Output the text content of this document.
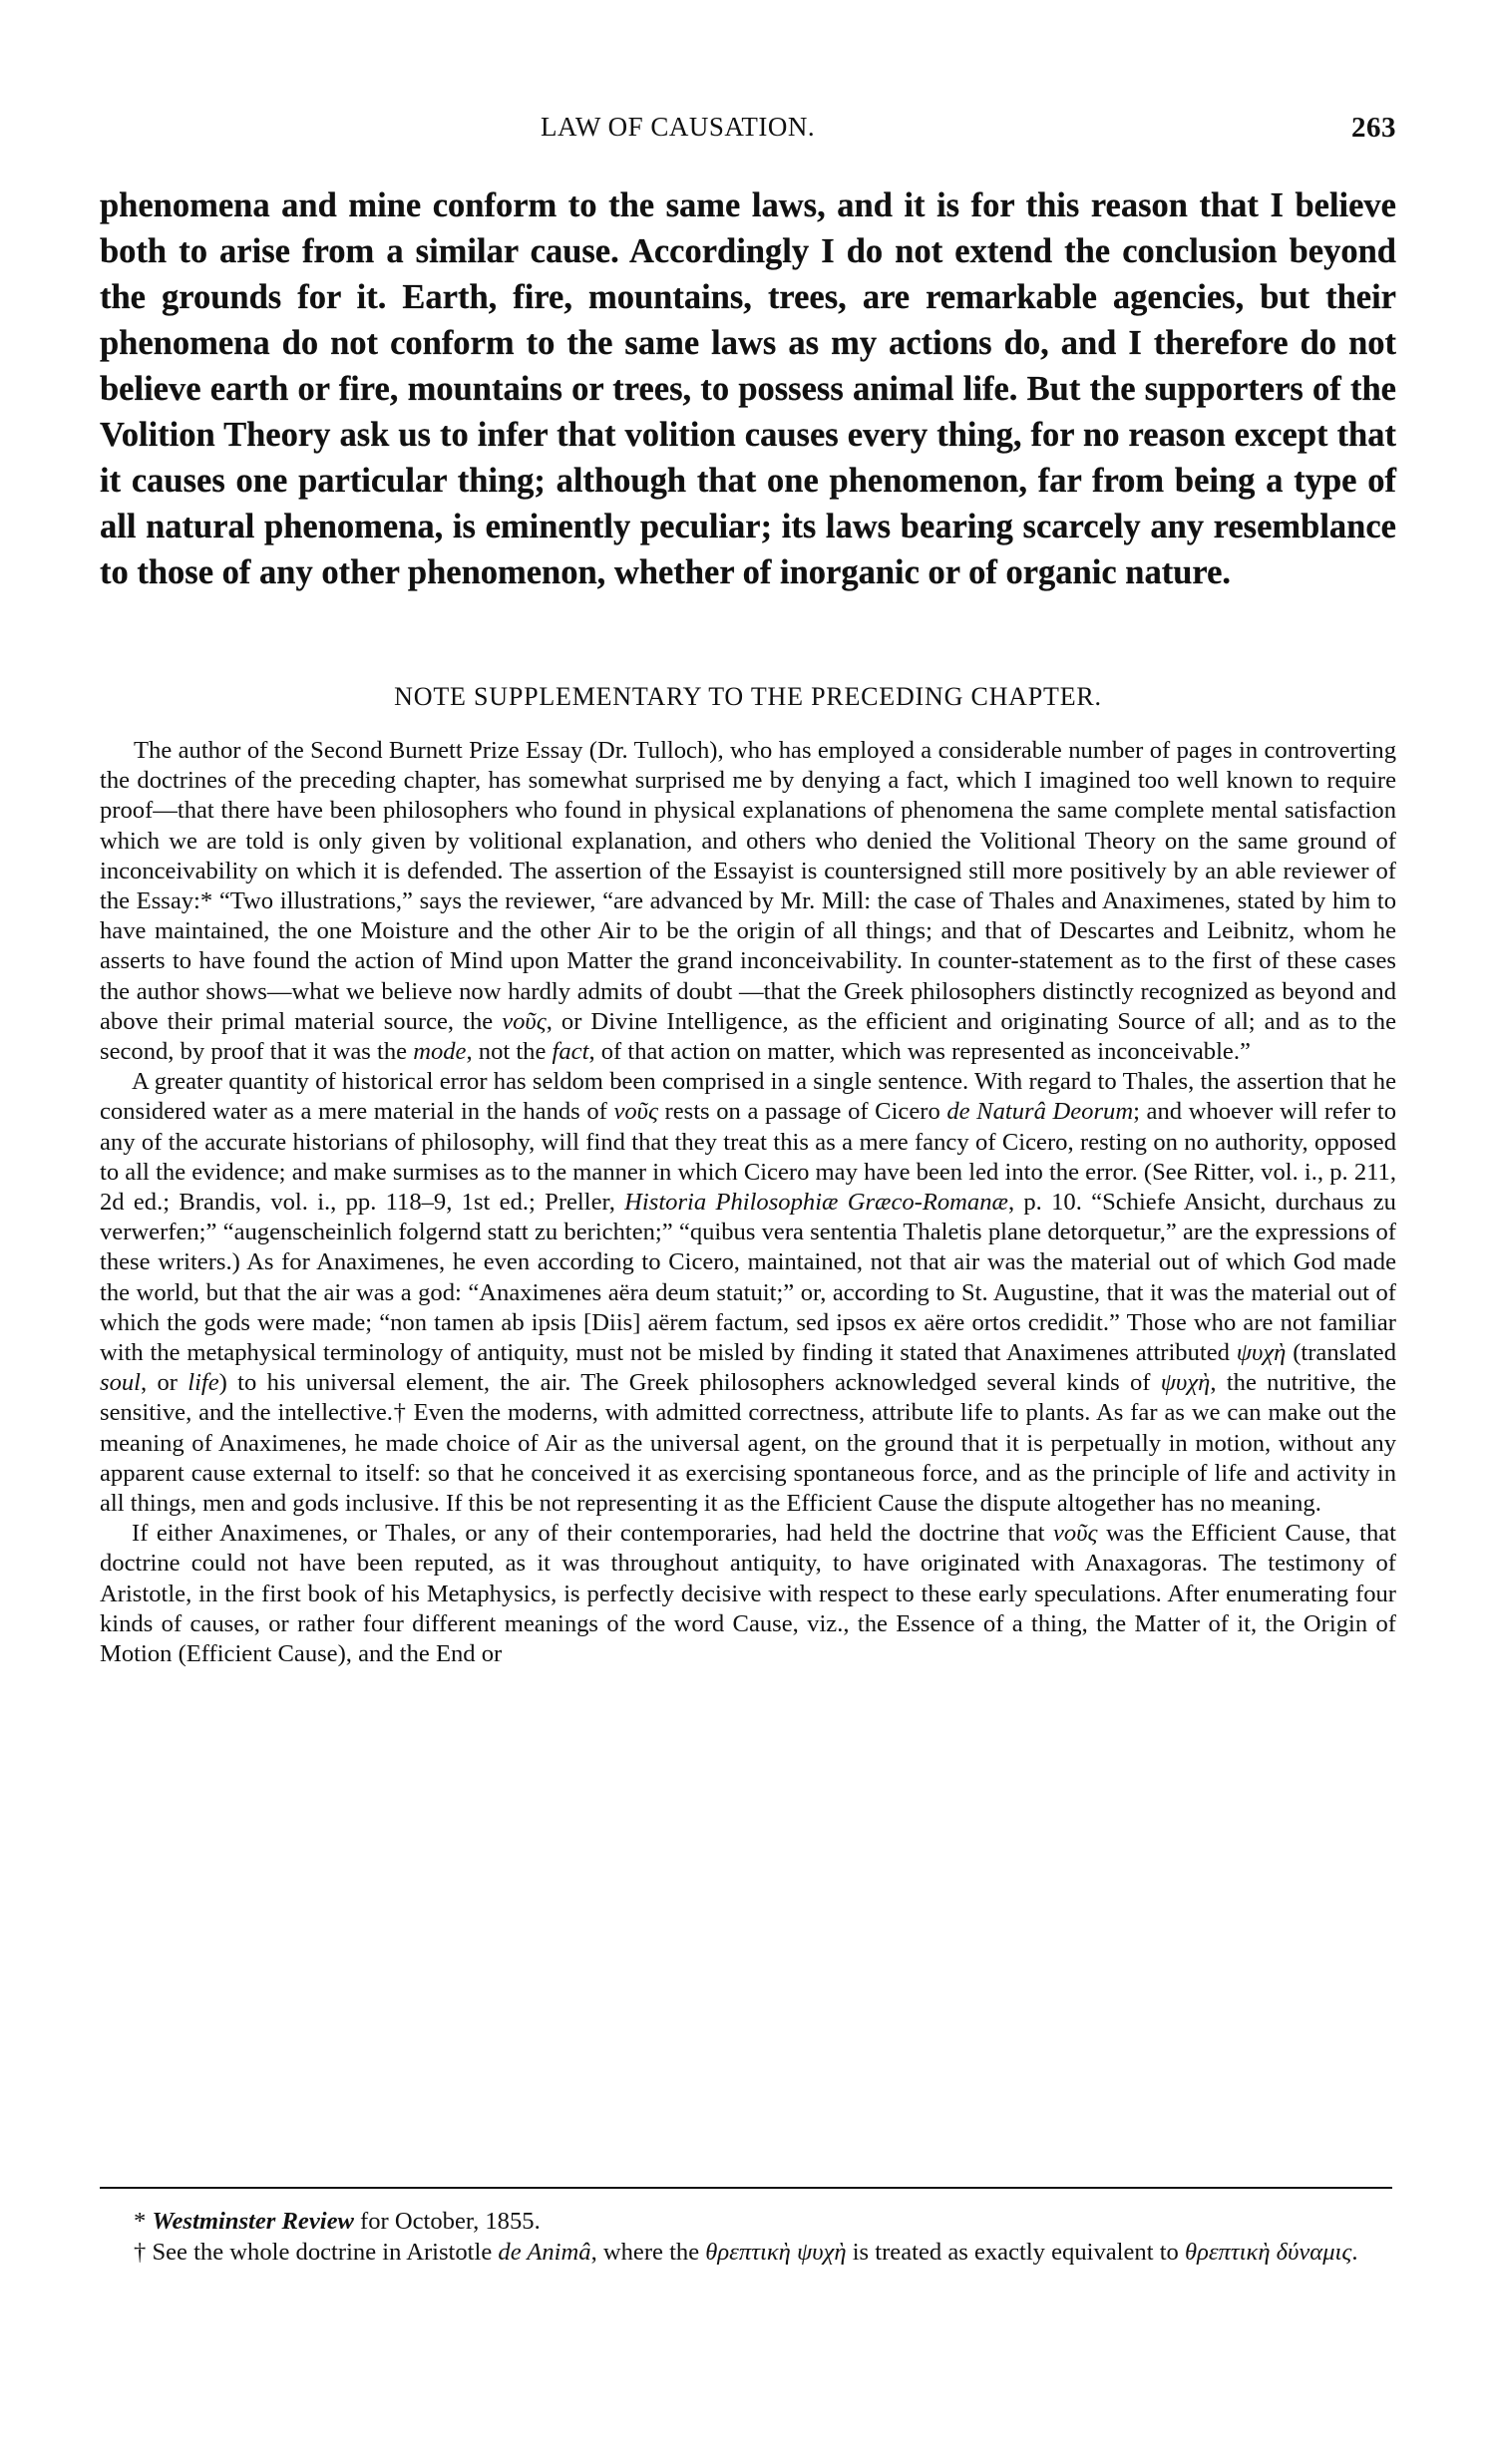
LAW OF CAUSATION.	263

phenomena and mine conform to the same laws, and it is for this reason that I believe both to arise from a similar cause. Accordingly I do not extend the conclusion beyond the grounds for it. Earth, fire, mountains, trees, are remarkable agencies, but their phenomena do not conform to the same laws as my actions do, and I therefore do not believe earth or fire, mountains or trees, to possess animal life. But the supporters of the Volition Theory ask us to infer that volition causes every thing, for no reason except that it causes one particular thing; although that one phenomenon, far from being a type of all natural phenomena, is eminently peculiar; its laws bearing scarcely any resemblance to those of any other phenomenon, whether of inorganic or of organic nature.

NOTE SUPPLEMENTARY TO THE PRECEDING CHAPTER.

The author of the Second Burnett Prize Essay (Dr. Tulloch), who has employed a considerable number of pages in controverting the doctrines of the preceding chapter, has somewhat surprised me by denying a fact, which I imagined too well known to require proof—that there have been philosophers who found in physical explanations of phenomena the same complete mental satisfaction which we are told is only given by volitional explanation, and others who denied the Volitional Theory on the same ground of inconceivability on which it is defended. The assertion of the Essayist is countersigned still more positively by an able reviewer of the Essay:* “Two illustrations,” says the reviewer, “are advanced by Mr. Mill: the case of Thales and Anaximenes, stated by him to have maintained, the one Moisture and the other Air to be the origin of all things; and that of Descartes and Leibnitz, whom he asserts to have found the action of Mind upon Matter the grand inconceivability. In counter-statement as to the first of these cases the author shows—what we believe now hardly admits of doubt —that the Greek philosophers distinctly recognized as beyond and above their primal material source, the νοῦς, or Divine Intelligence, as the efficient and originating Source of all; and as to the second, by proof that it was the mode, not the fact, of that action on matter, which was represented as inconceivable.”

A greater quantity of historical error has seldom been comprised in a single sentence. With regard to Thales, the assertion that he considered water as a mere material in the hands of νοῦς rests on a passage of Cicero de Naturâ Deorum; and whoever will refer to any of the accurate historians of philosophy, will find that they treat this as a mere fancy of Cicero, resting on no authority, opposed to all the evidence; and make surmises as to the manner in which Cicero may have been led into the error. (See Ritter, vol. i., p. 211, 2d ed.; Brandis, vol. i., pp. 118–9, 1st ed.; Preller, Historia Philosophiæ Græco-Romanæ, p. 10. “Schiefe Ansicht, durchaus zu verwerfen;” “augenscheinlich folgernd statt zu berichten;” “quibus vera sententia Thaletis plane detorquetur,” are the expressions of these writers.) As for Anaximenes, he even according to Cicero, maintained, not that air was the material out of which God made the world, but that the air was a god: “Anaximenes aëra deum statuit;” or, according to St. Augustine, that it was the material out of which the gods were made; “non tamen ab ipsis [Diis] aërem factum, sed ipsos ex aëre ortos credidit.” Those who are not familiar with the metaphysical terminology of antiquity, must not be misled by finding it stated that Anaximenes attributed ψυχὴ (translated soul, or life) to his universal element, the air. The Greek philosophers acknowledged several kinds of ψυχὴ, the nutritive, the sensitive, and the intellective.† Even the moderns, with admitted correctness, attribute life to plants. As far as we can make out the meaning of Anaximenes, he made choice of Air as the universal agent, on the ground that it is perpetually in motion, without any apparent cause external to itself: so that he conceived it as exercising spontaneous force, and as the principle of life and activity in all things, men and gods inclusive. If this be not representing it as the Efficient Cause the dispute altogether has no meaning.

If either Anaximenes, or Thales, or any of their contemporaries, had held the doctrine that νοῦς was the Efficient Cause, that doctrine could not have been reputed, as it was throughout antiquity, to have originated with Anaxagoras. The testimony of Aristotle, in the first book of his Metaphysics, is perfectly decisive with respect to these early speculations. After enumerating four kinds of causes, or rather four different meanings of the word Cause, viz., the Essence of a thing, the Matter of it, the Origin of Motion (Efficient Cause), and the End or

* Westminster Review for October, 1855.

† See the whole doctrine in Aristotle de Animâ, where the θρεπτικὴ ψυχὴ is treated as exactly equivalent to θρεπτικὴ δύναμις.
